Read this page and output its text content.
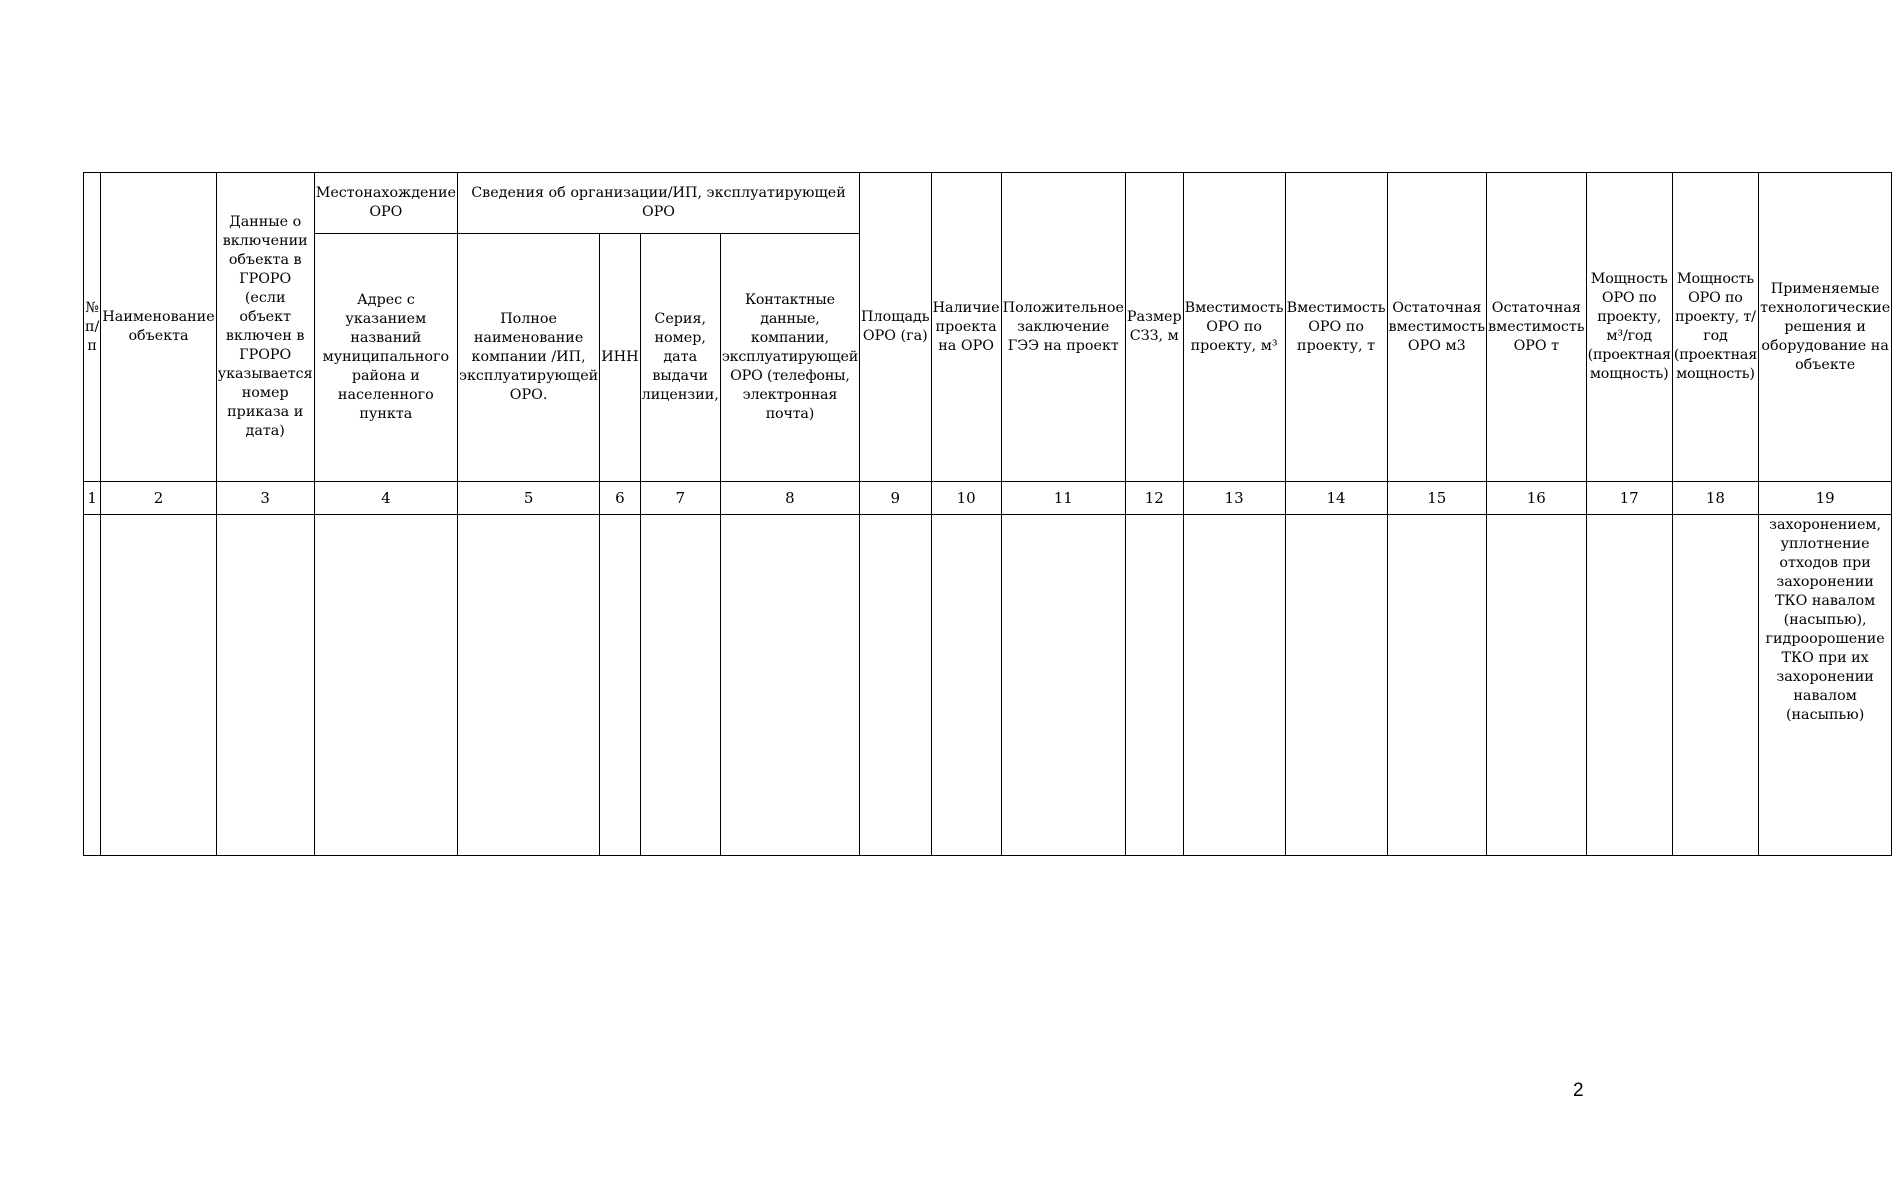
№ п/п	Наименование объекта	Данные о включении объекта в ГРОРО (если объект включен в ГРОРО указывается номер приказа и дата)	Местонахождение ОРО	Сведения об организации/ИП, эксплуатирующей ОРО				Площадь ОРО (га)	Наличие проекта на ОРО	Положительное заключение ГЭЭ на проект	Размер СЗЗ, м	Вместимость ОРО по проекту, м³	Вместимость ОРО по проекту, т	Остаточная вместимость ОРО м3	Остаточная вместимость ОРО т	Мощность ОРО по проекту, м³/год (проектная мощность)	Мощность ОРО по проекту, т/год (проектная мощность)	Применяемые технологические решения и оборудование на объекте
			Адрес с указанием названий муниципального района и населенного пункта	Полное наименование компании /ИП, эксплуатирующей ОРО.	ИНН	Серия, номер, дата выдачи лицензии,	Контактные данные, компании, эксплуатирующей ОРО (телефоны, электронная почта)											
1	2	3	4	5	6	7	8	9	10	11	12	13	14	15	16	17	18	19
																		захоронением, уплотнение отходов при захоронении ТКО навалом (насыпью), гидроорошение ТКО при их захоронении навалом (насыпью)
2
